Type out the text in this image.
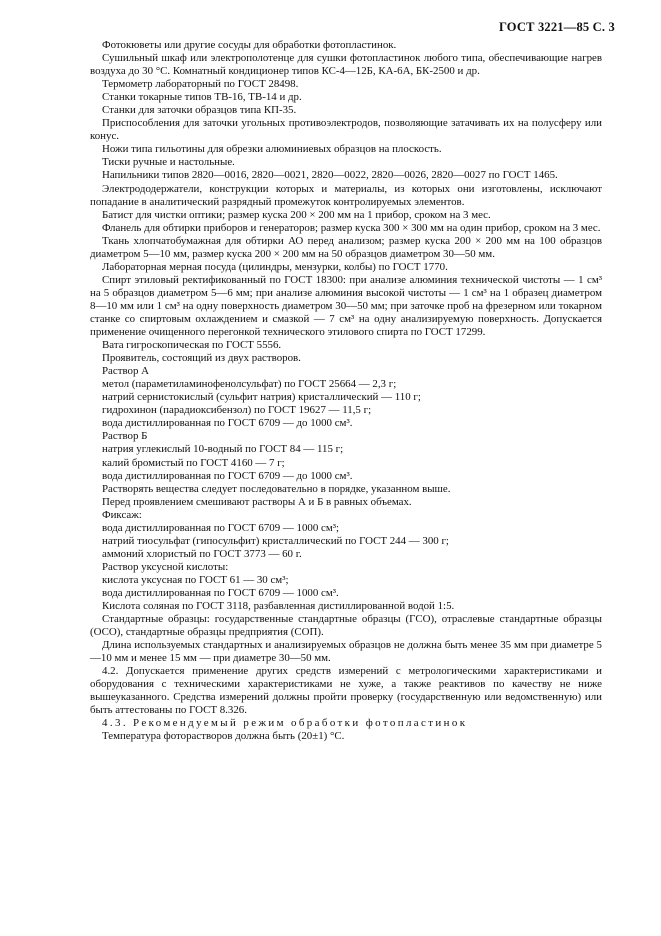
ГОСТ 3221—85 С. 3

Фотокюветы или другие сосуды для обработки фотопластинок.

Сушильный шкаф или электрополотенце для сушки фотопластинок любого типа, обеспечивающие нагрев воздуха до 30 °С. Комнатный кондиционер типов КС-4—12Б, КА-6А, БК-2500 и др.

Термометр лабораторный по ГОСТ 28498.

Станки токарные типов ТВ-16, ТВ-14 и др.

Станки для заточки образцов типа КП-35.

Приспособления для заточки угольных противоэлектродов, позволяющие затачивать их на полусферу или конус.

Ножи типа гильотины для обрезки алюминиевых образцов на плоскость.

Тиски ручные и настольные.

Напильники типов 2820—0016, 2820—0021, 2820—0022, 2820—0026, 2820—0027 по ГОСТ 1465.

Электрододержатели, конструкции которых и материалы, из которых они изготовлены, исключают попадание в аналитический разрядный промежуток контролируемых элементов.

Батист для чистки оптики; размер куска 200 × 200 мм на 1 прибор, сроком на 3 мес.

Фланель для обтирки приборов и генераторов; размер куска 300 × 300 мм на один прибор, сроком на 3 мес.

Ткань хлопчатобумажная для обтирки АО перед анализом; размер куска 200 × 200 мм на 100 образцов диаметром 5—10 мм, размер куска 200 × 200 мм на 50 образцов диаметром 30—50 мм.

Лабораторная мерная посуда (цилиндры, мензурки, колбы) по ГОСТ 1770.

Спирт этиловый ректификованный по ГОСТ 18300: при анализе алюминия технической чистоты — 1 см³ на 5 образцов диаметром 5—6 мм; при анализе алюминия высокой чистоты — 1 см³ на 1 образец диаметром 8—10 мм или 1 см³ на одну поверхность диаметром 30—50 мм; при заточке проб на фрезерном или токарном станке со спиртовым охлаждением и смазкой — 7 см³ на одну анализируемую поверхность. Допускается применение очищенного перегонкой технического этилового спирта по ГОСТ 17299.

Вата гигроскопическая по ГОСТ 5556.

Проявитель, состоящий из двух растворов.

Раствор А

метол (параметиламинофенолсульфат) по ГОСТ 25664 — 2,3 г;

натрий сернистокислый (сульфит натрия) кристаллический — 110 г;

гидрохинон (парадиоксибензол) по ГОСТ 19627 — 11,5 г;

вода дистиллированная по ГОСТ 6709 — до 1000 см³.

Раствор Б

натрия углекислый 10-водный по ГОСТ 84 — 115 г;

калий бромистый по ГОСТ 4160 — 7 г;

вода дистиллированная по ГОСТ 6709 — до 1000 см³.

Растворять вещества следует последовательно в порядке, указанном выше.

Перед проявлением смешивают растворы А и Б в равных объемах.

Фиксаж:

вода дистиллированная по ГОСТ 6709 — 1000 см³;

натрий тиосульфат (гипосульфит) кристаллический по ГОСТ 244 — 300 г;

аммоний хлористый по ГОСТ 3773 — 60 г.

Раствор уксусной кислоты:

кислота уксусная по ГОСТ 61 — 30 см³;

вода дистиллированная по ГОСТ 6709 — 1000 см³.

Кислота соляная по ГОСТ 3118, разбавленная дистиллированной водой 1:5.

Стандартные образцы: государственные стандартные образцы (ГСО), отраслевые стандартные образцы (ОСО), стандартные образцы предприятия (СОП).

Длина используемых стандартных и анализируемых образцов не должна быть менее 35 мм при диаметре 5—10 мм и менее 15 мм — при диаметре 30—50 мм.

4.2. Допускается применение других средств измерений с метрологическими характеристиками и оборудования с техническими характеристиками не хуже, а также реактивов по качеству не ниже вышеуказанного. Средства измерений должны пройти проверку (государственную или ведомственную) или быть аттестованы по ГОСТ 8.326.

4.3. Рекомендуемый режим обработки фотопластинок

Температура фоторастворов должна быть (20±1) °С.
